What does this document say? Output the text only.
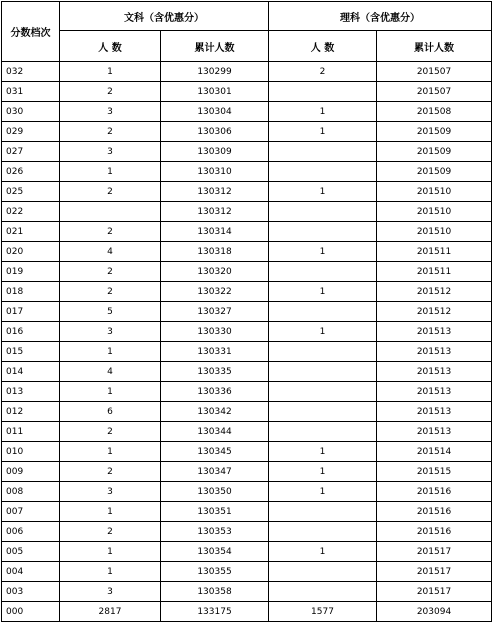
分数档次	文科（含优惠分）		理科（含优惠分）	
	人 数	累计人数	人 数	累计人数
032	1	130299	2	201507
031	2	130301		201507
030	3	130304	1	201508
029	2	130306	1	201509
027	3	130309		201509
026	1	130310		201509
025	2	130312	1	201510
022		130312		201510
021	2	130314		201510
020	4	130318	1	201511
019	2	130320		201511
018	2	130322	1	201512
017	5	130327		201512
016	3	130330	1	201513
015	1	130331		201513
014	4	130335		201513
013	1	130336		201513
012	6	130342		201513
011	2	130344		201513
010	1	130345	1	201514
009	2	130347	1	201515
008	3	130350	1	201516
007	1	130351		201516
006	2	130353		201516
005	1	130354	1	201517
004	1	130355		201517
003	3	130358		201517
000	2817	133175	1577	203094
